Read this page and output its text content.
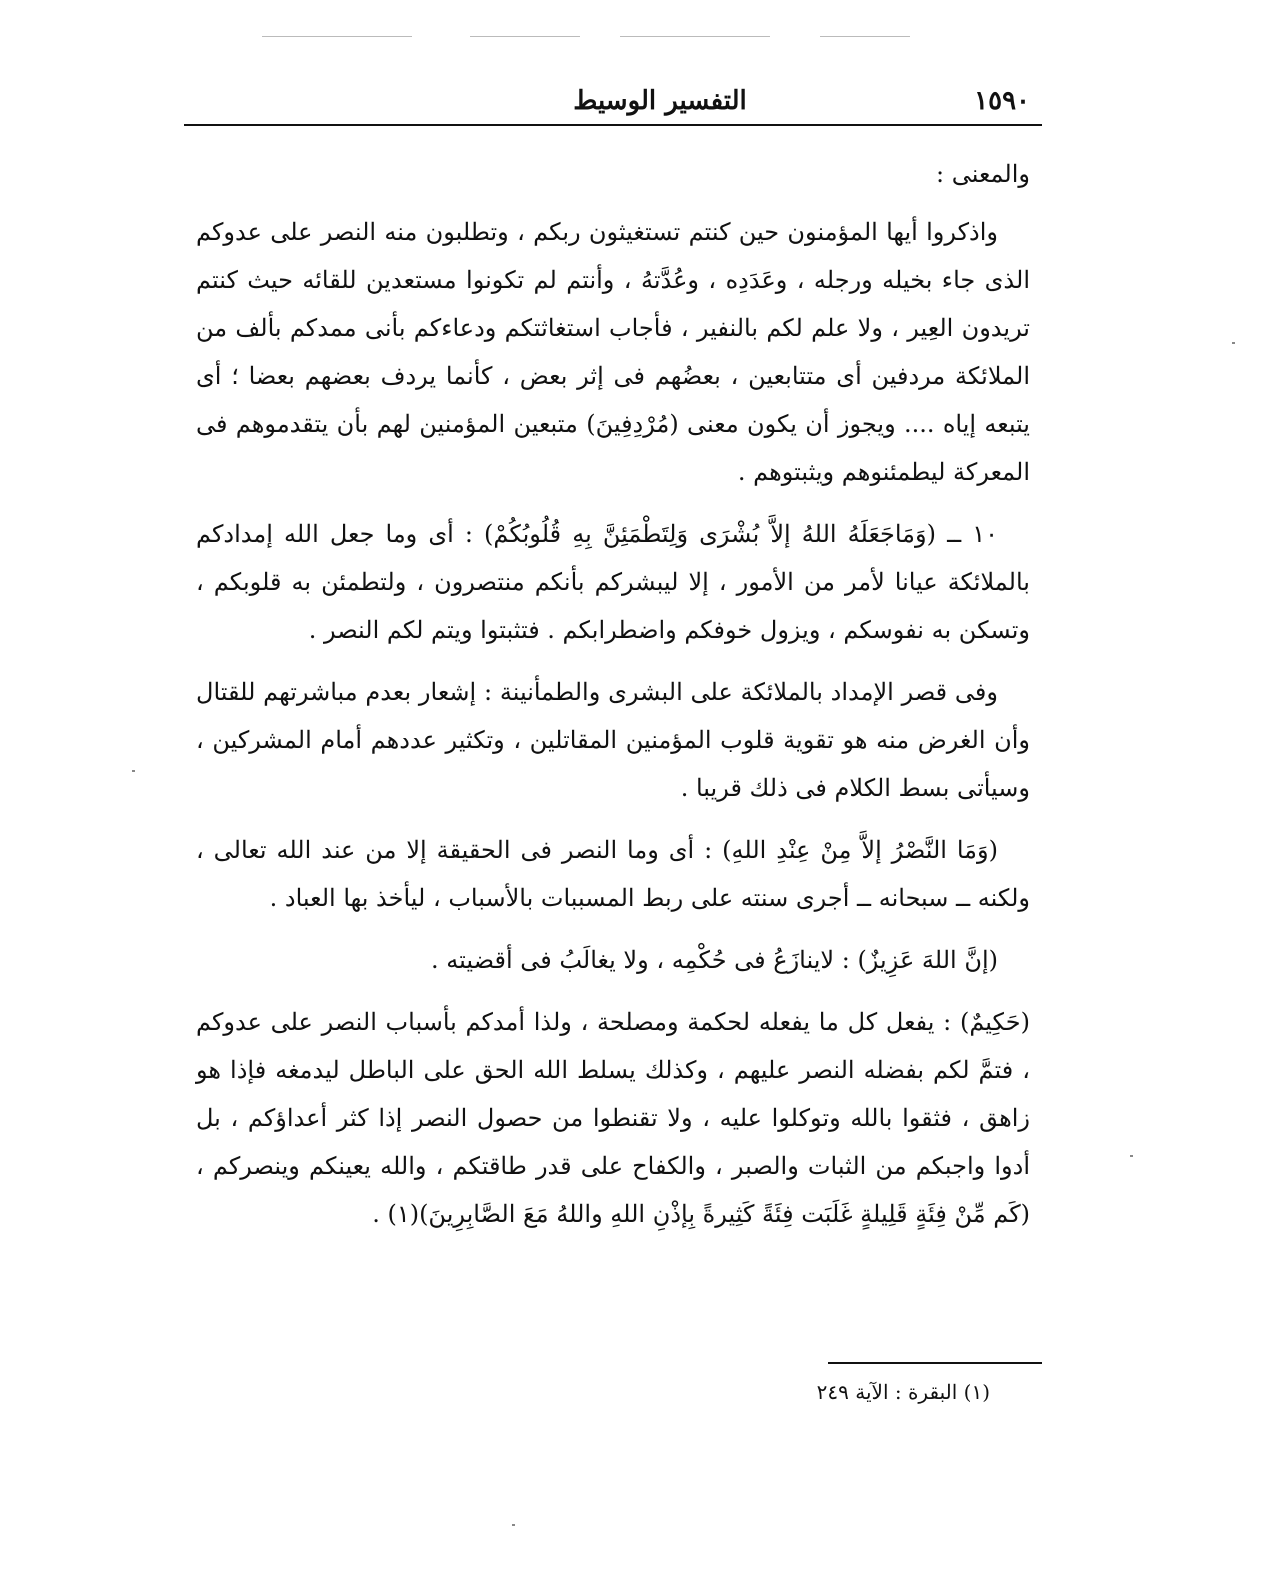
١٥٩٠
التفسير الوسيط

والمعنى :

واذكروا أيها المؤمنون حين كنتم تستغيثون ربكم ، وتطلبون منه النصر على عدوكم الذى جاء بخيله ورجله ، وعَدَدِه ، وعُدَّتهُ ، وأنتم لم تكونوا مستعدين للقائه حيث كنتم تريدون العِير ، ولا علم لكم بالنفير ، فأجاب استغاثتكم ودعاءكم بأنى ممدكم بألف من الملائكة مردفين أى متتابعين ، بعضُهم فى إثر بعض ، كأنما يردف بعضهم بعضا ؛ أى يتبعه إياه .... ويجوز أن يكون معنى (مُرْدِفِينَ) متبعين المؤمنين لهم بأن يتقدموهم فى المعركة ليطمئنوهم ويثبتوهم .

١٠ ــ (وَمَاجَعَلَهُ اللهُ إلاَّ بُشْرَى وَلِتَطْمَئِنَّ بِهِ قُلُوبُكُمْ) : أى وما جعل الله إمدادكم بالملائكة عيانا لأمر من الأمور ، إلا ليبشركم بأنكم منتصرون ، ولتطمئن به قلوبكم ، وتسكن به نفوسكم ، ويزول خوفكم واضطرابكم . فتثبتوا ويتم لكم النصر .

وفى قصر الإمداد بالملائكة على البشرى والطمأنينة : إشعار بعدم مباشرتهم للقتال وأن الغرض منه هو تقوية قلوب المؤمنين المقاتلين ، وتكثير عددهم أمام المشركين ، وسيأتى بسط الكلام فى ذلك قريبا .

(وَمَا النَّصْرُ إلاَّ مِنْ عِنْدِ اللهِ) : أى وما النصر فى الحقيقة إلا من عند الله تعالى ، ولكنه ــ سبحانه ــ أجرى سنته على ربط المسببات بالأسباب ، ليأخذ بها العباد .

(إنَّ اللهَ عَزِيزٌ) : لاينازَعُ فى حُكْمِه ، ولا يغالَبُ فى أقضيته .

(حَكِيمٌ) : يفعل كل ما يفعله لحكمة ومصلحة ، ولذا أمدكم بأسباب النصر على عدوكم ، فتمَّ لكم بفضله النصر عليهم ، وكذلك يسلط الله الحق على الباطل ليدمغه فإذا هو زاهق ، فثقوا بالله وتوكلوا عليه ، ولا تقنطوا من حصول النصر إذا كثر أعداؤكم ، بل أدوا واجبكم من الثبات والصبر ، والكفاح على قدر طاقتكم ، والله يعينكم وينصركم ، (كَم مِّنْ فِئَةٍ قَلِيلةٍ غَلَبَت فِئَةً كَثِيرةً بِإذْنِ اللهِ واللهُ مَعَ الصَّابِرِينَ)(١) .

(١) البقرة : الآية ٢٤٩
